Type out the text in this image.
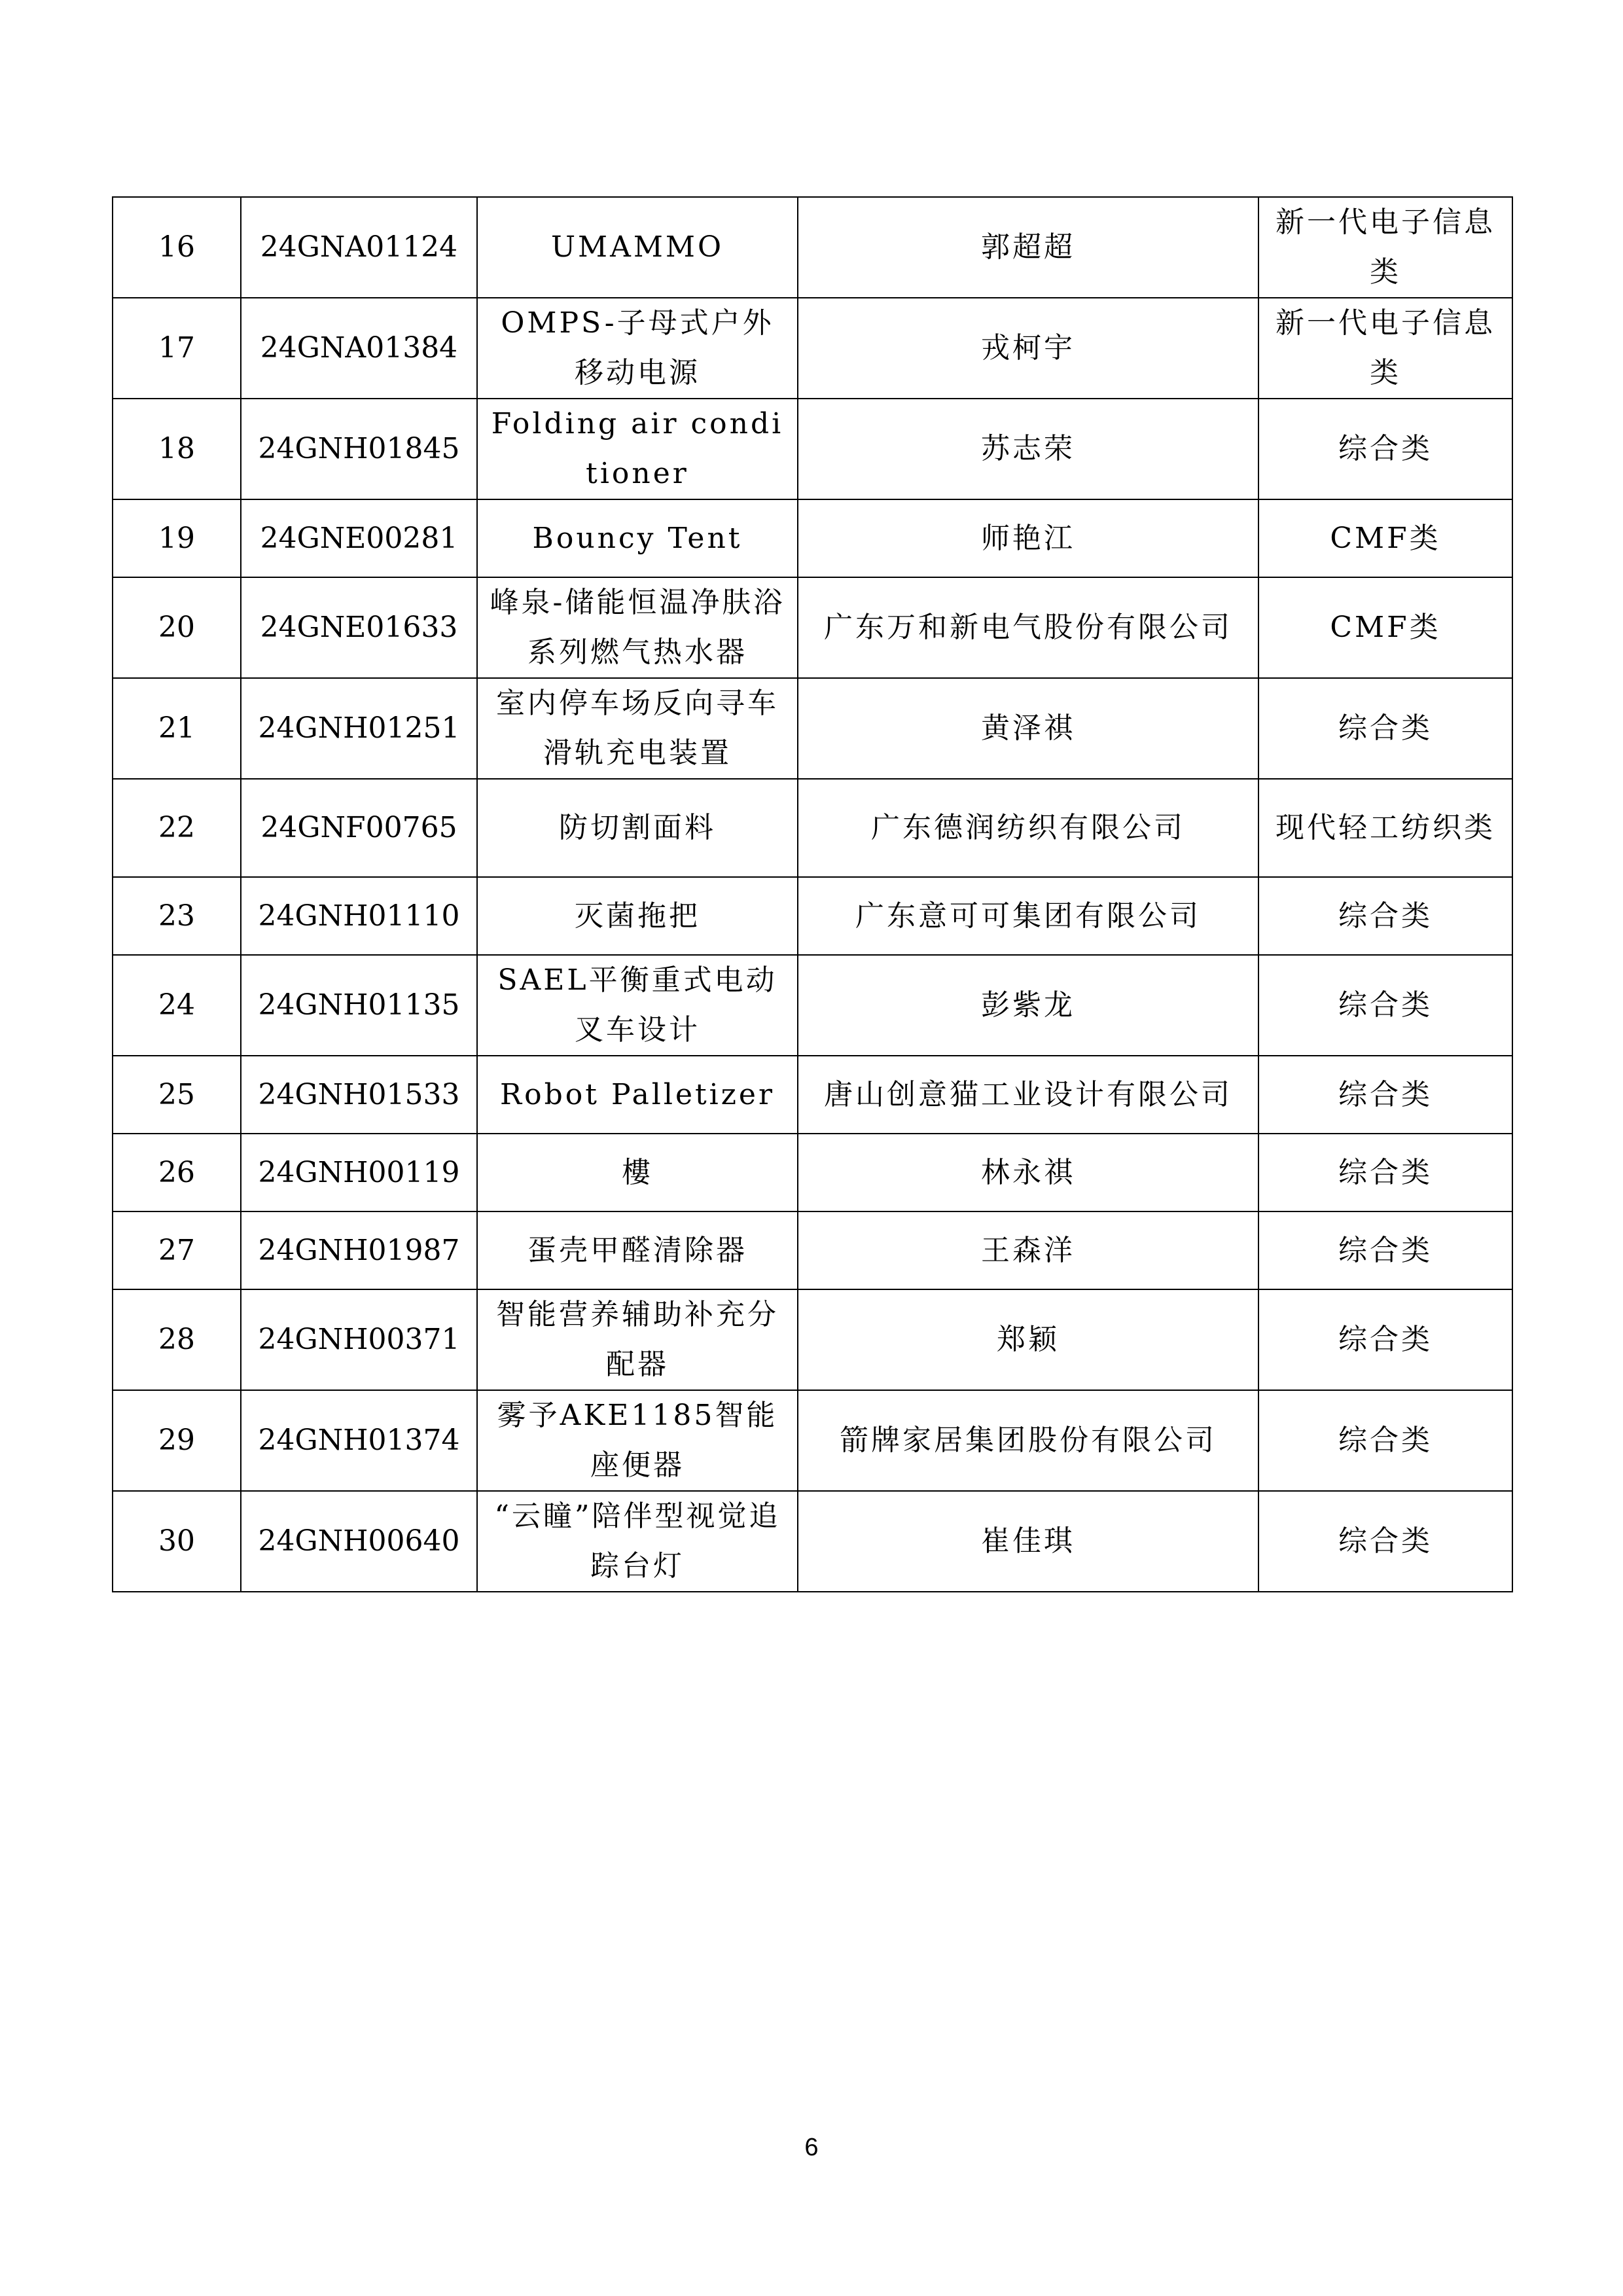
16	24GNA01124	UMAMMO	郭超超	新一代电子信息类
17	24GNA01384	OMPS-子母式户外移动电源	戎柯宇	新一代电子信息类
18	24GNH01845	Folding air conditioner	苏志荣	综合类
19	24GNE00281	Bouncy Tent	师艳江	CMF类
20	24GNE01633	峰泉-储能恒温净肤浴系列燃气热水器	广东万和新电气股份有限公司	CMF类
21	24GNH01251	室内停车场反向寻车滑轨充电装置	黄泽祺	综合类
22	24GNF00765	防切割面料	广东德润纺织有限公司	现代轻工纺织类
23	24GNH01110	灭菌拖把	广东意可可集团有限公司	综合类
24	24GNH01135	SAEL平衡重式电动叉车设计	彭紫龙	综合类
25	24GNH01533	Robot Palletizer	唐山创意猫工业设计有限公司	综合类
26	24GNH00119	樓	林永祺	综合类
27	24GNH01987	蛋壳甲醛清除器	王森洋	综合类
28	24GNH00371	智能营养辅助补充分配器	郑颖	综合类
29	24GNH01374	雾予AKE1185智能座便器	箭牌家居集团股份有限公司	综合类
30	24GNH00640	“云瞳”陪伴型视觉追踪台灯	崔佳琪	综合类
6
